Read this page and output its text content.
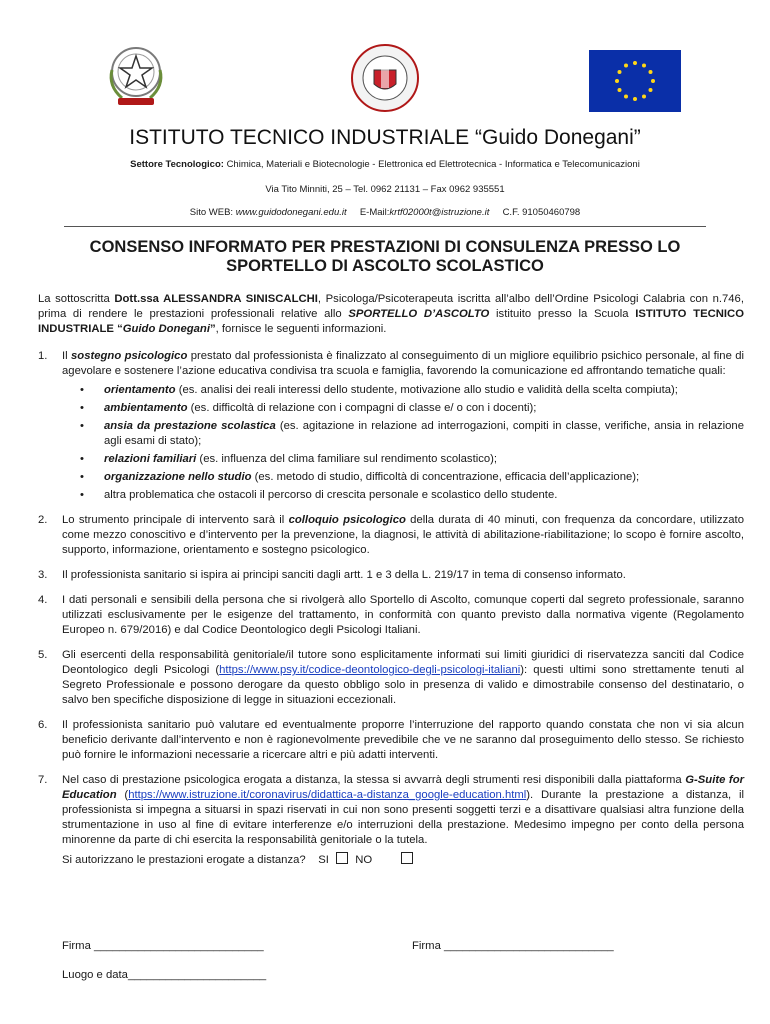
ISTITUTO TECNICO INDUSTRIALE “Guido Donegani”
Settore Tecnologico: Chimica, Materiali e Biotecnologie - Elettronica ed Elettrotecnica - Informatica e Telecomunicazioni
Via Tito Minniti, 25 – Tel. 0962 21131 – Fax 0962 935551
Sito WEB: www.guidodonegani.edu.it E-Mail:krtf02000t@istruzione.it C.F. 91050460798
CONSENSO INFORMATO PER PRESTAZIONI DI CONSULENZA PRESSO LO
SPORTELLO DI ASCOLTO SCOLASTICO

La sottoscritta Dott.ssa ALESSANDRA SINISCALCHI, Psicologa/Psicoterapeuta iscritta all’albo dell’Ordine Psicologi Calabria con n.746, prima di rendere le prestazioni professionali relative allo SPORTELLO D’ASCOLTO istituito presso la Scuola ISTITUTO TECNICO INDUSTRIALE “Guido Donegani”, fornisce le seguenti informazioni.

1. Il sostegno psicologico prestato dal professionista è finalizzato al conseguimento di un migliore equilibrio psichico personale, al fine di agevolare e sostenere l’azione educativa condivisa tra scuola e famiglia, favorendo la comunicazione ed affrontando tematiche quali:
• orientamento (es. analisi dei reali interessi dello studente, motivazione allo studio e validità della scelta compiuta);
• ambientamento (es. difficoltà di relazione con i compagni di classe e/ o con i docenti);
• ansia da prestazione scolastica (es. agitazione in relazione ad interrogazioni, compiti in classe, verifiche, ansia in relazione agli esami di stato);
• relazioni familiari (es. influenza del clima familiare sul rendimento scolastico);
• organizzazione nello studio (es. metodo di studio, difficoltà di concentrazione, efficacia dell’applicazione);
• altra problematica che ostacoli il percorso di crescita personale e scolastico dello studente.
2. Lo strumento principale di intervento sarà il colloquio psicologico della durata di 40 minuti, con frequenza da concordare, utilizzato come mezzo conoscitivo e d’intervento per la prevenzione, la diagnosi, le attività di abilitazione-riabilitazione; lo scopo è fornire ascolto, supporto, informazione, orientamento e sostegno psicologico.
3. Il professionista sanitario si ispira ai principi sanciti dagli artt. 1 e 3 della L. 219/17 in tema di consenso informato.
4. I dati personali e sensibili della persona che si rivolgerà allo Sportello di Ascolto, comunque coperti dal segreto professionale, saranno utilizzati esclusivamente per le esigenze del trattamento, in conformità con quanto previsto dalla normativa vigente (Regolamento Europeo n. 679/2016) e dal Codice Deontologico degli Psicologi Italiani.
5. Gli esercenti della responsabilità genitoriale/il tutore sono esplicitamente informati sui limiti giuridici di riservatezza sanciti dal Codice Deontologico degli Psicologi (https://www.psy.it/codice-deontologico-degli-psicologi-italiani): questi ultimi sono strettamente tenuti al Segreto Professionale e possono derogare da questo obbligo solo in presenza di valido e dimostrabile consenso del destinatario, o salvo ben specifiche disposizione di legge in situazioni eccezionali.
6. Il professionista sanitario può valutare ed eventualmente proporre l’interruzione del rapporto quando constata che non vi sia alcun beneficio derivante dall’intervento e non è ragionevolmente prevedibile che ve ne saranno dal proseguimento dello stesso. Se richiesto può fornire le informazioni necessarie a ricercare altri e più adatti interventi.
7. Nel caso di prestazione psicologica erogata a distanza, la stessa si avvarrà degli strumenti resi disponibili dalla piattaforma G-Suite for Education (https://www.istruzione.it/coronavirus/didattica-a-distanza_google-education.html). Durante la prestazione a distanza, il professionista si impegna a situarsi in spazi riservati in cui non sono presenti soggetti terzi e a disattivare qualsiasi altra funzione della strumentazione in uso al fine di evitare interferenze e/o interruzioni della prestazione. Medesimo impegno per conto della persona minorenne da parte di chi esercita la responsabilità genitoriale o la tutela.
Si autorizzano le prestazioni erogate a distanza? SI NO
Firma ___________________________	Firma ___________________________
Luogo e data______________________
